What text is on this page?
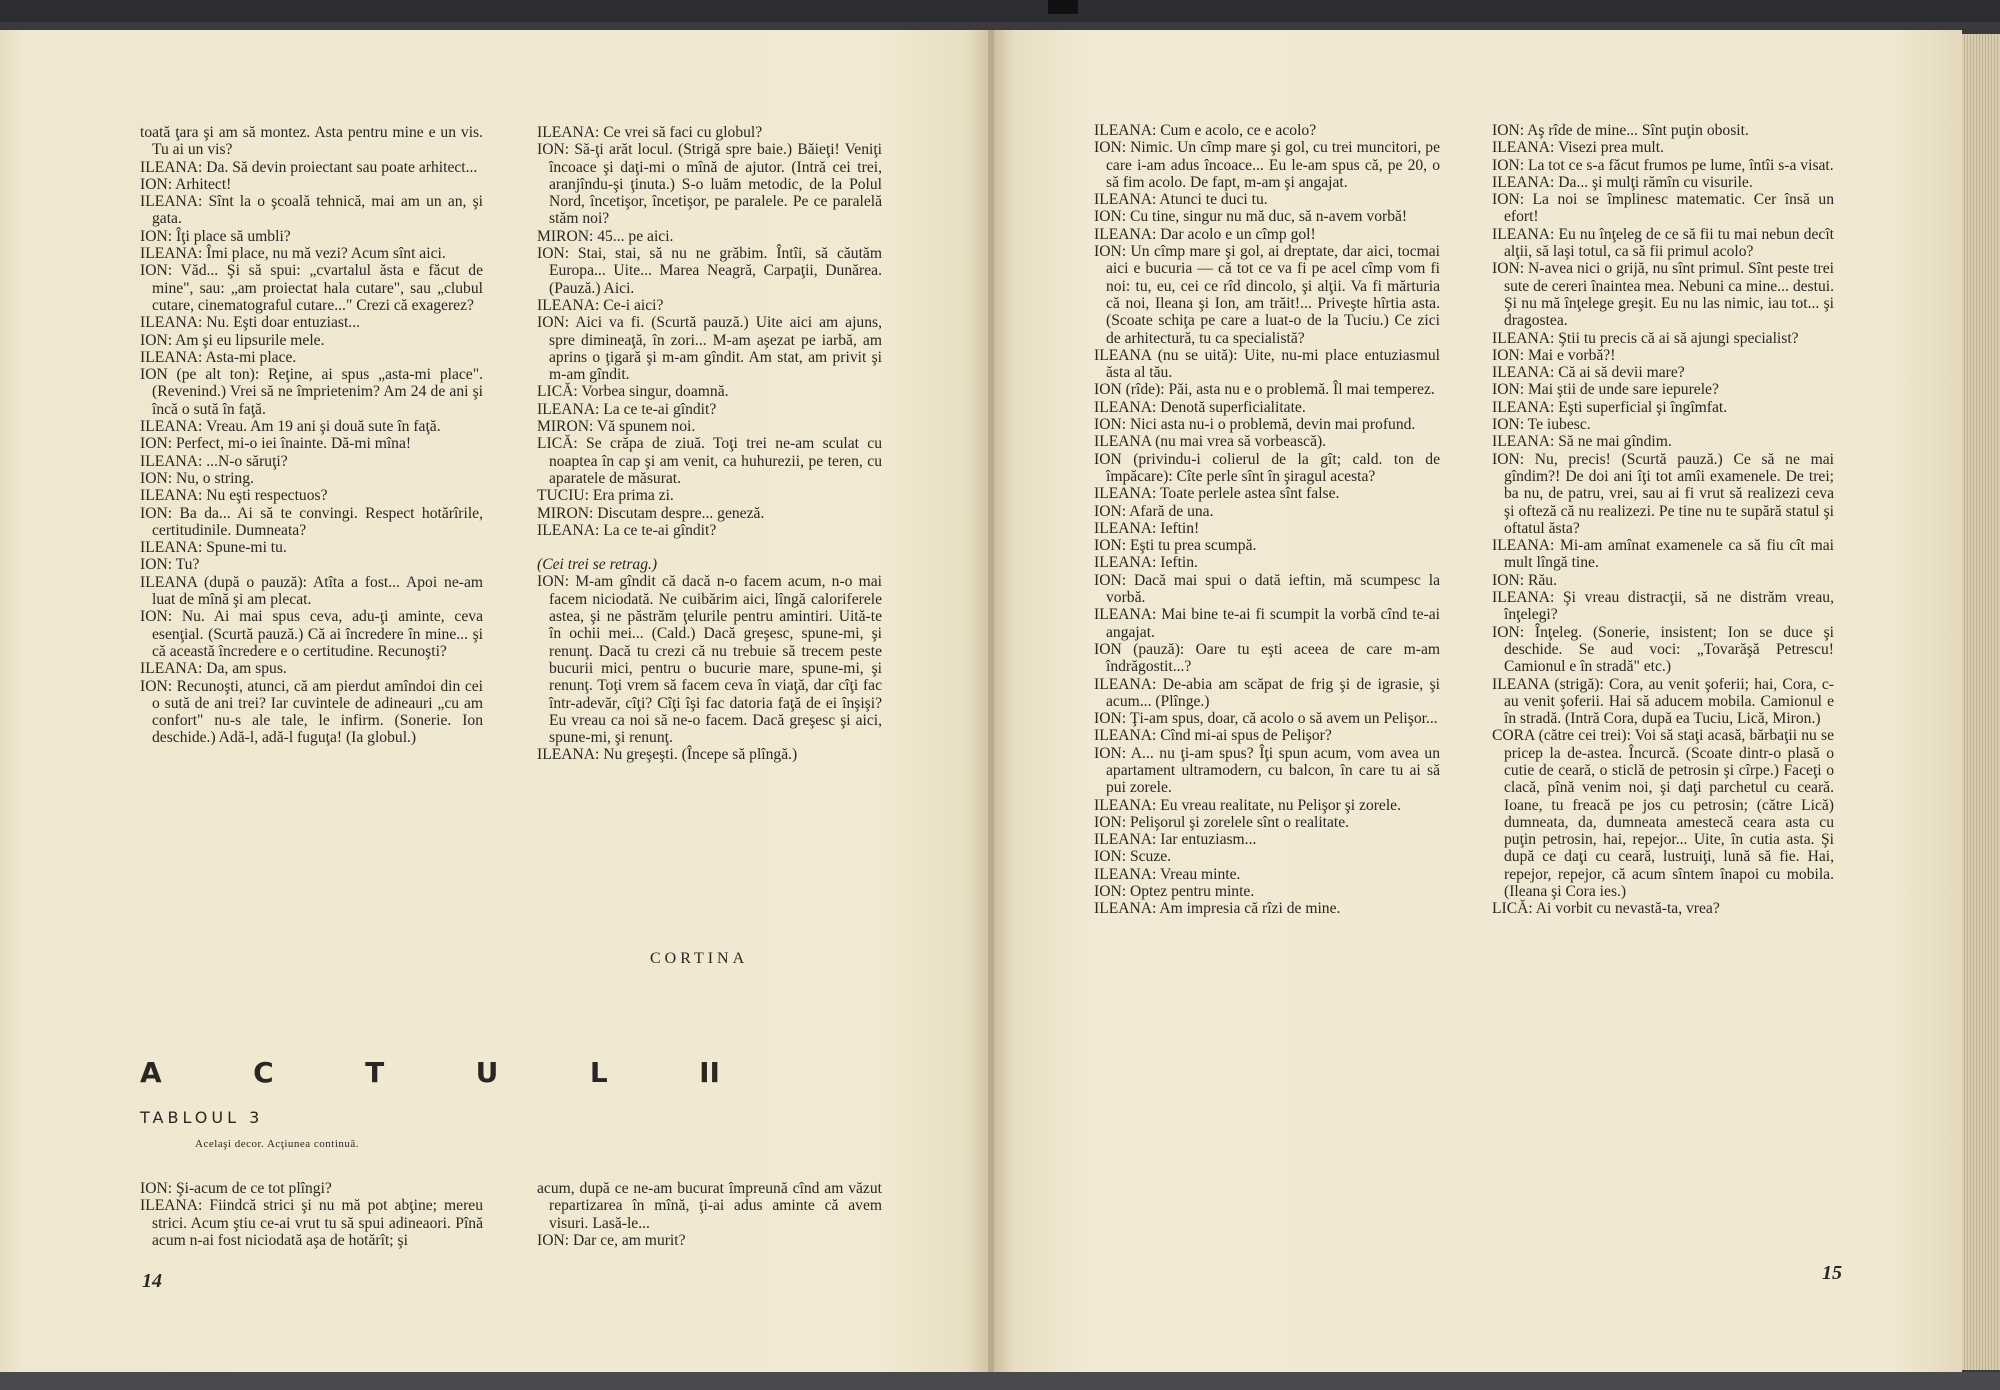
toată ţara şi am să montez. Asta pentru mine e un vis. Tu ai un vis?

ILEANA: Da. Să devin proiectant sau poate arhitect...

ION: Arhitect!

ILEANA: Sînt la o şcoală tehnică, mai am un an, şi gata.

ION: Îţi place să umbli?

ILEANA: Îmi place, nu mă vezi? Acum sînt aici.

ION: Văd... Şi să spui: „cvartalul ăsta e făcut de mine", sau: „am proiectat hala cutare", sau „clubul cutare, cinematograful cutare..." Crezi că exagerez?

ILEANA: Nu. Eşti doar entuziast...

ION: Am şi eu lipsurile mele.

ILEANA: Asta-mi place.

ION (pe alt ton): Reţine, ai spus „asta-mi place". (Revenind.) Vrei să ne împrietenim? Am 24 de ani şi încă o sută în faţă.

ILEANA: Vreau. Am 19 ani şi două sute în faţă.

ION: Perfect, mi-o iei înainte. Dă-mi mîna!

ILEANA: ...N-o săruţi?

ION: Nu, o string.

ILEANA: Nu eşti respectuos?

ION: Ba da... Ai să te convingi. Respect hotărîrile, certitudinile. Dumneata?

ILEANA: Spune-mi tu.

ION: Tu?

ILEANA (după o pauză): Atîta a fost... Apoi ne-am luat de mînă şi am plecat.

ION: Nu. Ai mai spus ceva, adu-ţi aminte, ceva esenţial. (Scurtă pauză.) Că ai încredere în mine... şi că această încredere e o certitudine. Recunoşti?

ILEANA: Da, am spus.

ION: Recunoşti, atunci, că am pierdut amîndoi din cei o sută de ani trei? Iar cuvintele de adineauri „cu am confort" nu-s ale tale, le infirm. (Sonerie. Ion deschide.) Adă-l, adă-l fuguţa! (Ia globul.)

ILEANA: Ce vrei să faci cu globul?

ION: Să-ţi arăt locul. (Strigă spre baie.) Băieţi! Veniţi încoace şi daţi-mi o mînă de ajutor. (Intră cei trei, aranjîndu-şi ţinuta.) S-o luăm metodic, de la Polul Nord, încetişor, încetişor, pe paralele. Pe ce paralelă stăm noi?

MIRON: 45... pe aici.

ION: Stai, stai, să nu ne grăbim. Întîi, să căutăm Europa... Uite... Marea Neagră, Carpaţii, Dunărea. (Pauză.) Aici.

ILEANA: Ce-i aici?

ION: Aici va fi. (Scurtă pauză.) Uite aici am ajuns, spre dimineaţă, în zori... M-am aşezat pe iarbă, am aprins o ţigară şi m-am gîndit. Am stat, am privit şi m-am gîndit.

LICĂ: Vorbea singur, doamnă.

ILEANA: La ce te-ai gîndit?

MIRON: Vă spunem noi.

LICĂ: Se crăpa de ziuă. Toţi trei ne-am sculat cu noaptea în cap şi am venit, ca huhurezii, pe teren, cu aparatele de măsurat.

TUCIU: Era prima zi.

MIRON: Discutam despre... geneză.

ILEANA: La ce te-ai gîndit?

(Cei trei se retrag.)

ION: M-am gîndit că dacă n-o facem acum, n-o mai facem niciodată. Ne cuibărim aici, lîngă caloriferele astea, şi ne păstrăm ţelurile pentru amintiri. Uită-te în ochii mei... (Cald.) Dacă greşesc, spune-mi, şi renunţ. Dacă tu crezi că nu trebuie să trecem peste bucurii mici, pentru o bucurie mare, spune-mi, şi renunţ. Toţi vrem să facem ceva în viaţă, dar cîţi fac într-adevăr, cîţi? Cîţi îşi fac datoria faţă de ei înşişi? Eu vreau ca noi să ne-o facem. Dacă greşesc şi aici, spune-mi, şi renunţ.

ILEANA: Nu greşeşti. (Începe să plîngă.)

CORTINA
A	C	T	U	L	II
TABLOUL 3
Acelaşi decor. Acţiunea continuă.

ION: Şi-acum de ce tot plîngi?

ILEANA: Fiindcă strici şi nu mă pot abţine; mereu strici. Acum ştiu ce-ai vrut tu să spui adineaori. Pînă acum n-ai fost niciodată aşa de hotărît; şi

acum, după ce ne-am bucurat împreună cînd am văzut repartizarea în mînă, ţi-ai adus aminte că avem visuri. Lasă-le...

ION: Dar ce, am murit?

14

ILEANA: Cum e acolo, ce e acolo?

ION: Nimic. Un cîmp mare şi gol, cu trei muncitori, pe care i-am adus încoace... Eu le-am spus că, pe 20, o să fim acolo. De fapt, m-am şi angajat.

ILEANA: Atunci te duci tu.

ION: Cu tine, singur nu mă duc, să n-avem vorbă!

ILEANA: Dar acolo e un cîmp gol!

ION: Un cîmp mare şi gol, ai dreptate, dar aici, tocmai aici e bucuria — că tot ce va fi pe acel cîmp vom fi noi: tu, eu, cei ce rîd dincolo, şi alţii. Va fi mărturia că noi, Ileana şi Ion, am trăit!... Priveşte hîrtia asta. (Scoate schiţa pe care a luat-o de la Tuciu.) Ce zici de arhitectură, tu ca specialistă?

ILEANA (nu se uită): Uite, nu-mi place entuziasmul ăsta al tău.

ION (rîde): Păi, asta nu e o problemă. Îl mai temperez.

ILEANA: Denotă superficialitate.

ION: Nici asta nu-i o problemă, devin mai profund.

ILEANA (nu mai vrea să vorbească).

ION (privindu-i colierul de la gît; cald. ton de împăcare): Cîte perle sînt în şiragul acesta?

ILEANA: Toate perlele astea sînt false.

ION: Afară de una.

ILEANA: Ieftin!

ION: Eşti tu prea scumpă.

ILEANA: Ieftin.

ION: Dacă mai spui o dată ieftin, mă scumpesc la vorbă.

ILEANA: Mai bine te-ai fi scumpit la vorbă cînd te-ai angajat.

ION (pauză): Oare tu eşti aceea de care m-am îndrăgostit...?

ILEANA: De-abia am scăpat de frig şi de igrasie, şi acum... (Plînge.)

ION: Ţi-am spus, doar, că acolo o să avem un Pelişor...

ILEANA: Cînd mi-ai spus de Pelişor?

ION: A... nu ţi-am spus? Îţi spun acum, vom avea un apartament ultramodern, cu balcon, în care tu ai să pui zorele.

ILEANA: Eu vreau realitate, nu Pelişor şi zorele.

ION: Pelişorul şi zorelele sînt o realitate.

ILEANA: Iar entuziasm...

ION: Scuze.

ILEANA: Vreau minte.

ION: Optez pentru minte.

ILEANA: Am impresia că rîzi de mine.

ION: Aş rîde de mine... Sînt puţin obosit.

ILEANA: Visezi prea mult.

ION: La tot ce s-a făcut frumos pe lume, întîi s-a visat.

ILEANA: Da... şi mulţi rămîn cu visurile.

ION: La noi se împlinesc matematic. Cer însă un efort!

ILEANA: Eu nu înţeleg de ce să fii tu mai nebun decît alţii, să laşi totul, ca să fii primul acolo?

ION: N-avea nici o grijă, nu sînt primul. Sînt peste trei sute de cereri înaintea mea. Nebuni ca mine... destui. Şi nu mă înţelege greşit. Eu nu las nimic, iau tot... şi dragostea.

ILEANA: Ştii tu precis că ai să ajungi specialist?

ION: Mai e vorbă?!

ILEANA: Că ai să devii mare?

ION: Mai ştii de unde sare iepurele?

ILEANA: Eşti superficial şi îngîmfat.

ION: Te iubesc.

ILEANA: Să ne mai gîndim.

ION: Nu, precis! (Scurtă pauză.) Ce să ne mai gîndim?! De doi ani îţi tot amîi examenele. De trei; ba nu, de patru, vrei, sau ai fi vrut să realizezi ceva şi ofteză că nu realizezi. Pe tine nu te supără statul şi oftatul ăsta?

ILEANA: Mi-am amînat examenele ca să fiu cît mai mult lîngă tine.

ION: Rău.

ILEANA: Şi vreau distracţii, să ne distrăm vreau, înţelegi?

ION: Înţeleg. (Sonerie, insistent; Ion se duce şi deschide. Se aud voci: „Tovarăşă Petrescu! Camionul e în stradă" etc.)

ILEANA (strigă): Cora, au venit şoferii; hai, Cora, c-au venit şoferii. Hai să aducem mobila. Camionul e în stradă. (Intră Cora, după ea Tuciu, Lică, Miron.)

CORA (către cei trei): Voi să staţi acasă, bărbaţii nu se pricep la de-astea. Încurcă. (Scoate dintr-o plasă o cutie de ceară, o sticlă de petrosin şi cîrpe.) Faceţi o clacă, pînă venim noi, şi daţi parchetul cu ceară. Ioane, tu freacă pe jos cu petrosin; (către Lică) dumneata, da, dumneata amestecă ceara asta cu puţin petrosin, hai, repejor... Uite, în cutia asta. Şi după ce daţi cu ceară, lustruiţi, lună să fie. Hai, repejor, repejor, că acum sîntem înapoi cu mobila. (Ileana şi Cora ies.)

LICĂ: Ai vorbit cu nevastă-ta, vrea?

15
